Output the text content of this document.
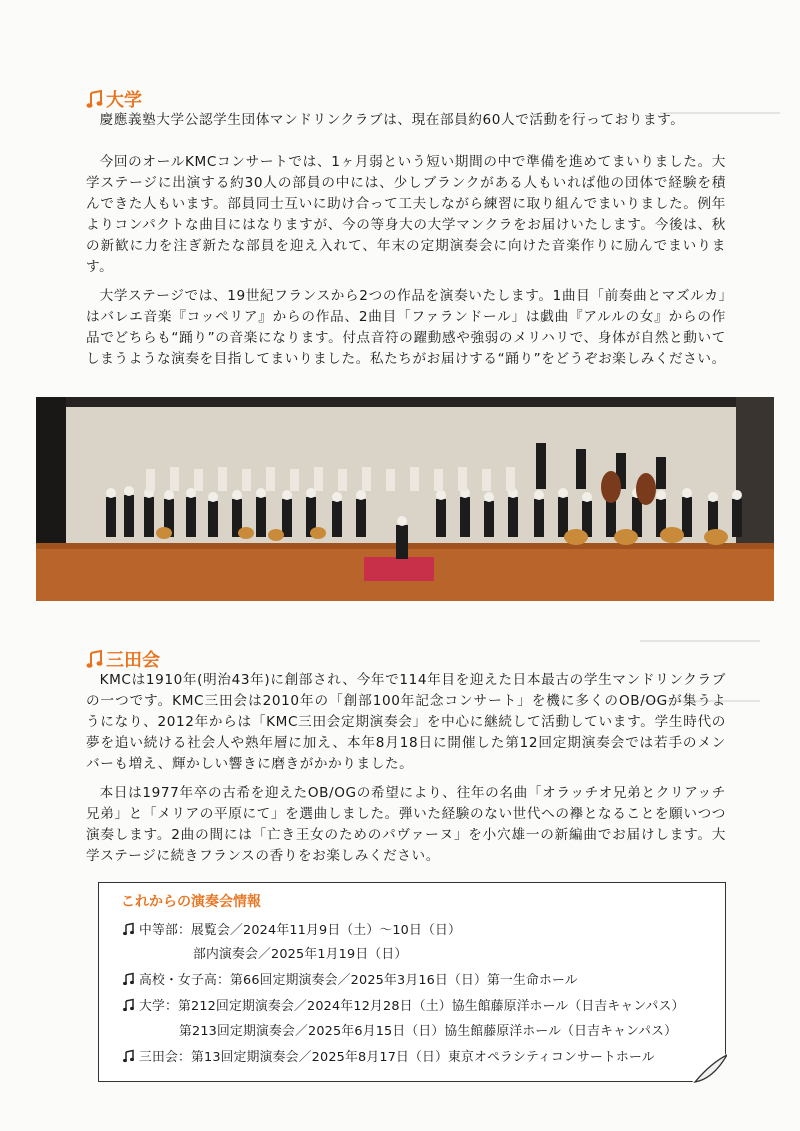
大学

慶應義塾大学公認学生団体マンドリンクラブは、現在部員約60人で活動を行っております。

今回のオールKMCコンサートでは、1ヶ月弱という短い期間の中で準備を進めてまいりました。大学ステージに出演する約30人の部員の中には、少しブランクがある人もいれば他の団体で経験を積んできた人もいます。部員同士互いに助け合って工夫しながら練習に取り組んでまいりました。例年よりコンパクトな曲目にはなりますが、今の等身大の大学マンクラをお届けいたします。今後は、秋の新歓に力を注ぎ新たな部員を迎え入れて、年末の定期演奏会に向けた音楽作りに励んでまいります。

大学ステージでは、19世紀フランスから2つの作品を演奏いたします。1曲目「前奏曲とマズルカ」はバレエ音楽『コッペリア』からの作品、2曲目「ファランドール」は戯曲『アルルの女』からの作品でどちらも“踊り”の音楽になります。付点音符の躍動感や強弱のメリハリで、身体が自然と動いてしまうような演奏を目指してまいりました。私たちがお届けする“踊り”をどうぞお楽しみください。

三田会

KMCは1910年(明治43年)に創部され、今年で114年目を迎えた日本最古の学生マンドリンクラブの一つです。KMC三田会は2010年の「創部100年記念コンサート」を機に多くのOB/OGが集うようになり、2012年からは「KMC三田会定期演奏会」を中心に継続して活動しています。学生時代の夢を追い続ける社会人や熟年層に加え、本年8月18日に開催した第12回定期演奏会では若手のメンバーも増え、輝かしい響きに磨きがかかりました。

本日は1977年卒の古希を迎えたOB/OGの希望により、往年の名曲「オラッチオ兄弟とクリアッチ兄弟」と「メリアの平原にて」を選曲しました。弾いた経験のない世代への襷となることを願いつつ演奏します。2曲の間には「亡き王女のためのパヴァーヌ」を小穴雄一の新編曲でお届けします。大学ステージに続きフランスの香りをお楽しみください。

これからの演奏会情報
中等部：展覧会／2024年11月9日（土）～10日（日）
部内演奏会／2025年1月19日（日）
高校・女子高：第66回定期演奏会／2025年3月16日（日）第一生命ホール
大学：第212回定期演奏会／2024年12月28日（土）協生館藤原洋ホール（日吉キャンパス）
第213回定期演奏会／2025年6月15日（日）協生館藤原洋ホール（日吉キャンパス）
三田会：第13回定期演奏会／2025年8月17日（日）東京オペラシティコンサートホール
